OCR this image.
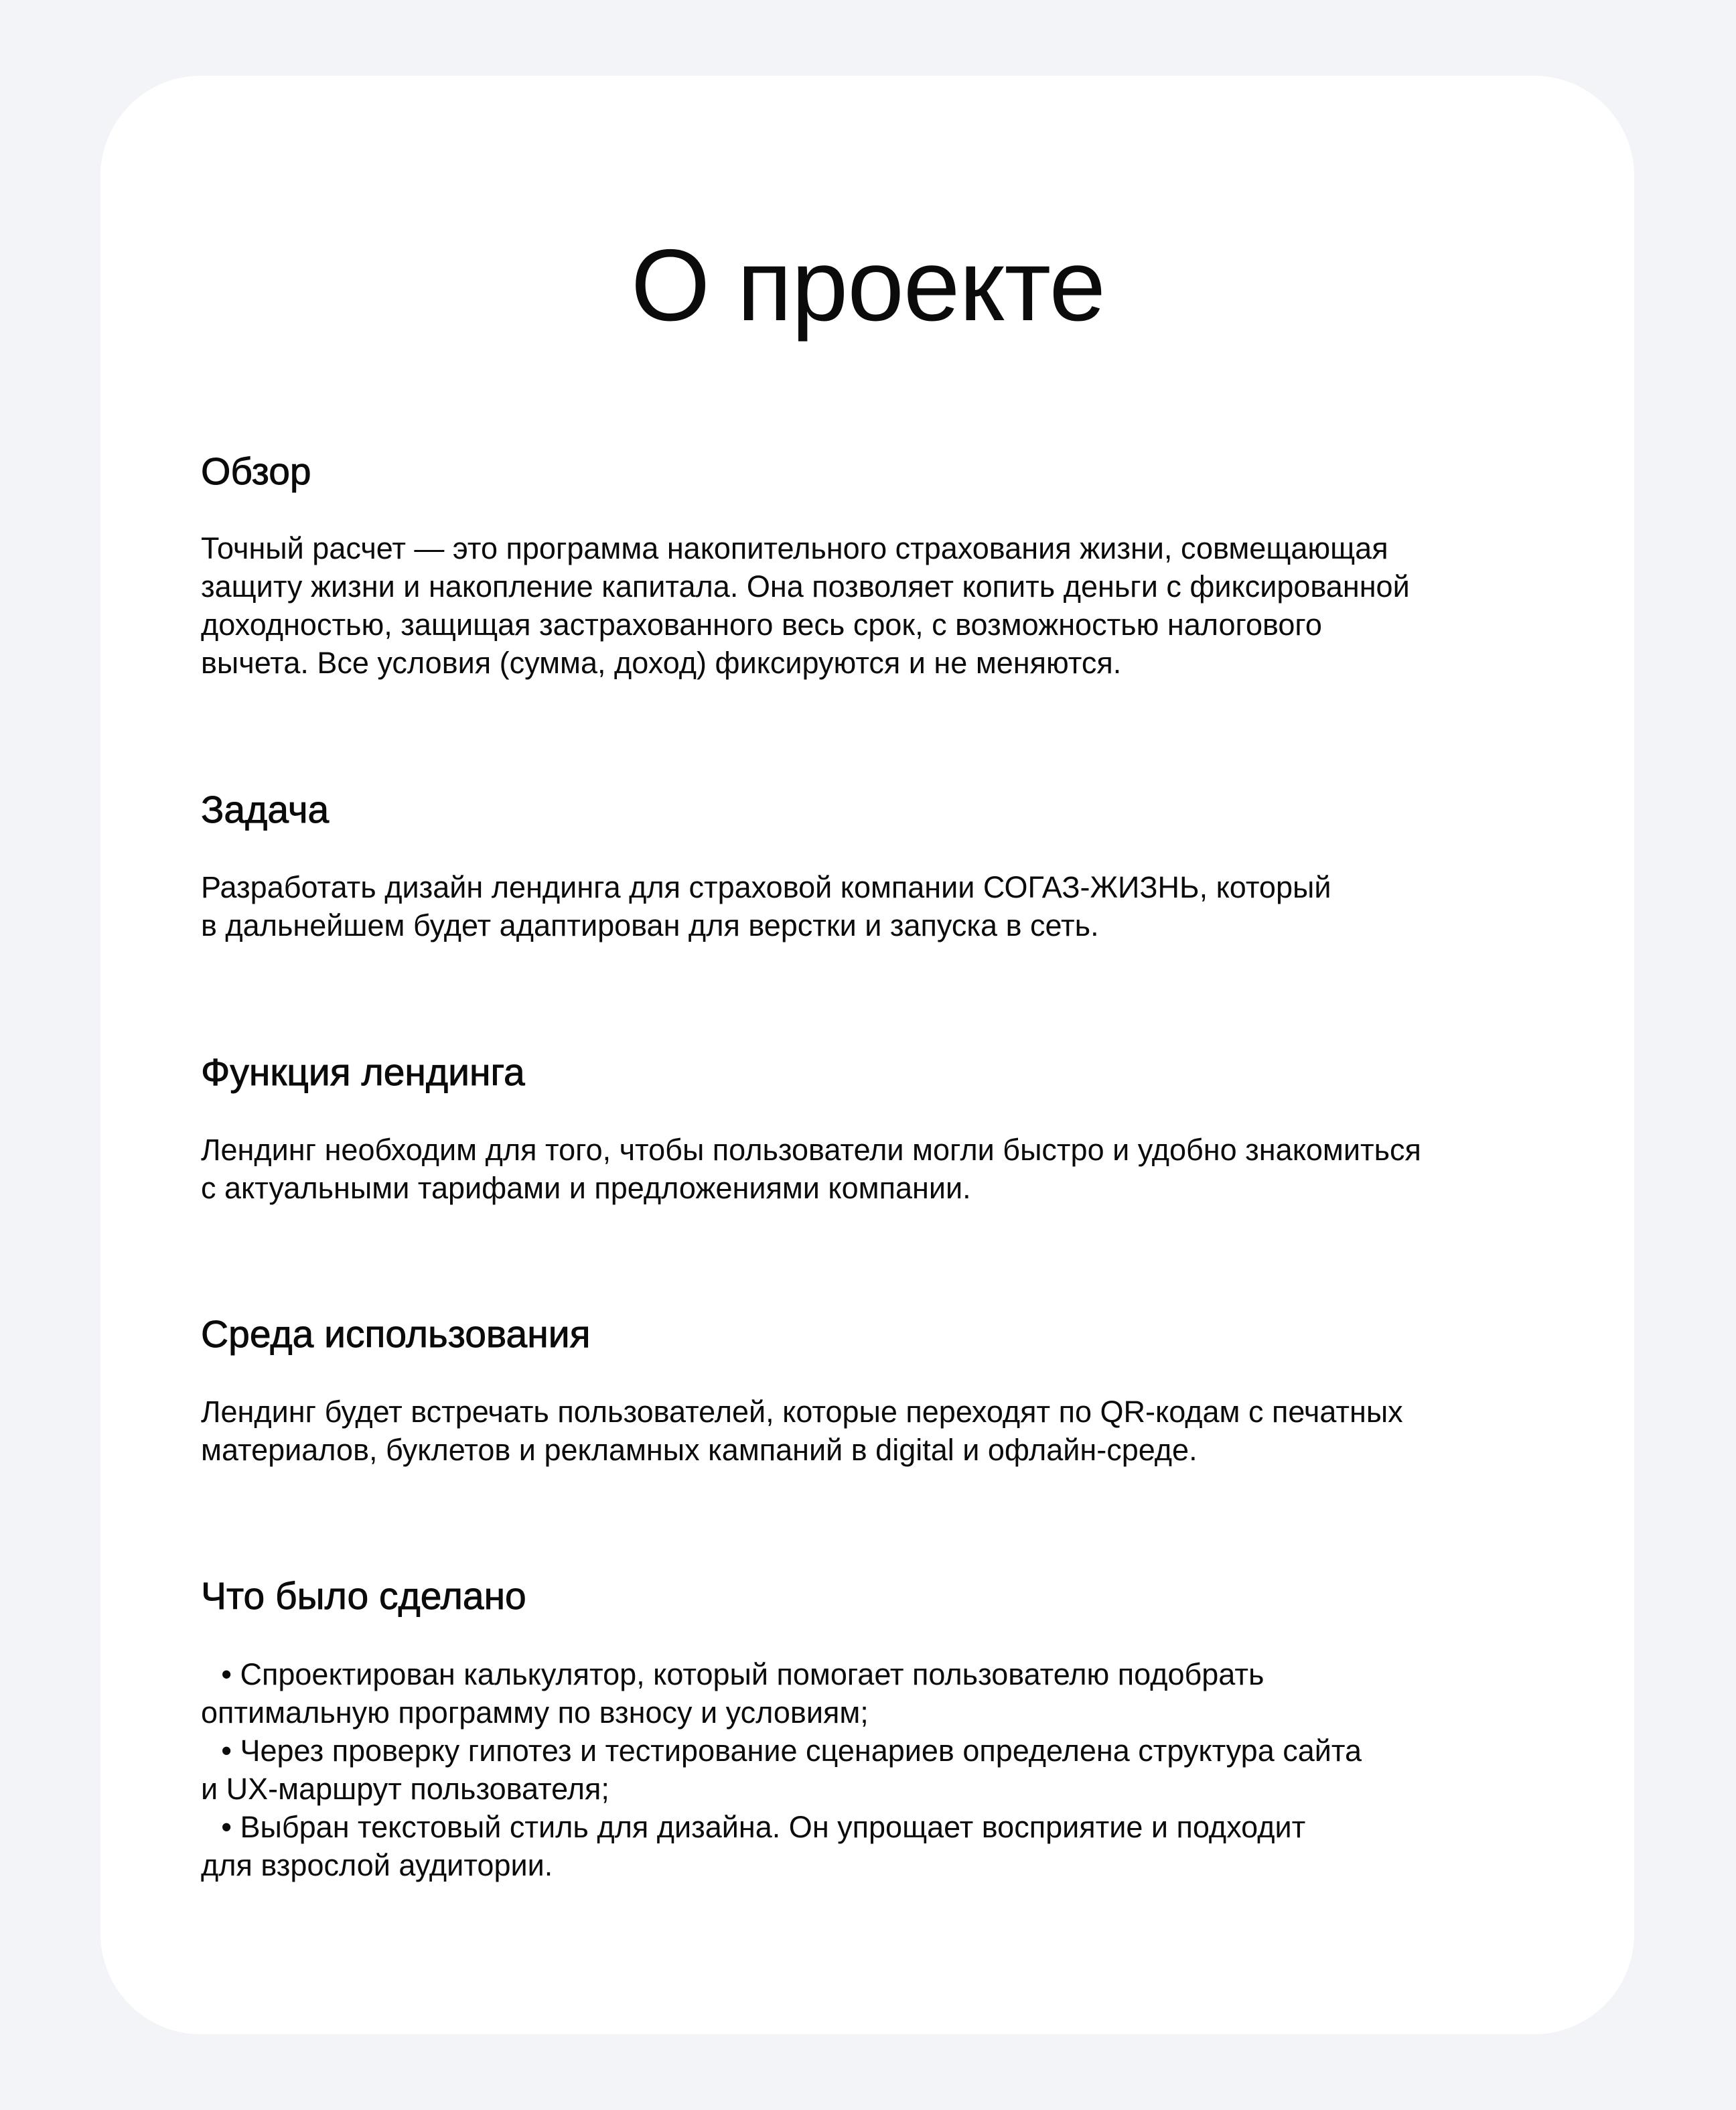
О проекте
Обзор

Точный расчет — это программа накопительного страхования жизни, совмещающая
защиту жизни и накопление капитала. Она позволяет копить деньги с фиксированной
доходностью, защищая застрахованного весь срок, с возможностью налогового
вычета. Все условия (сумма, доход) фиксируются и не меняются.

Задача

Разработать дизайн лендинга для страховой компании СОГАЗ-ЖИЗНЬ, который
в дальнейшем будет адаптирован для верстки и запуска в сеть.

Функция лендинга

Лендинг необходим для того, чтобы пользователи могли быстро и удобно знакомиться
с актуальными тарифами и предложениями компании.

Среда использования

Лендинг будет встречать пользователей, которые переходят по QR-кодам с печатных
материалов, буклетов и рекламных кампаний в digital и офлайн-среде.

Что было сделано
• Спроектирован калькулятор, который помогает пользователю подобрать
оптимальную программу по взносу и условиям;
• Через проверку гипотез и тестирование сценариев определена структура сайта
и UX-маршрут пользователя;
• Выбран текстовый стиль для дизайна. Он упрощает восприятие и подходит
для взрослой аудитории.
